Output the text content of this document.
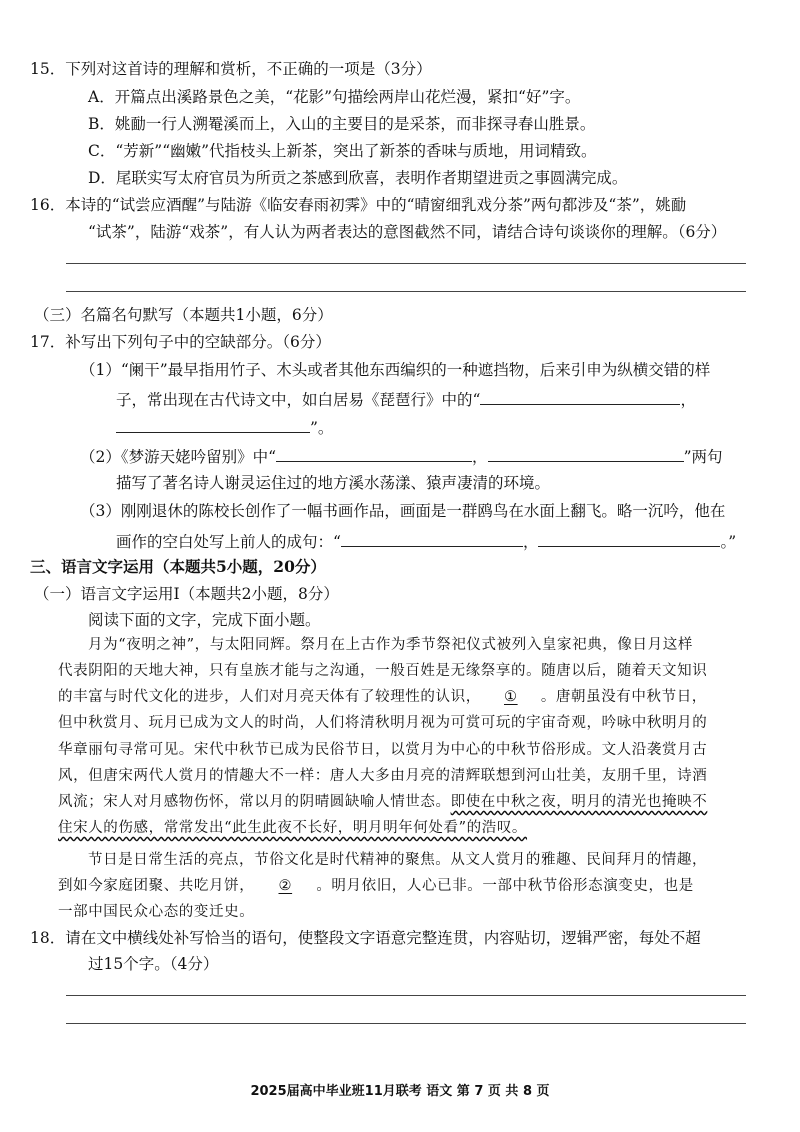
15．下列对这首诗的理解和赏析，不正确的一项是（3分）
A．开篇点出溪路景色之美，“花影”句描绘两岸山花烂漫，紧扣“好”字。
B．姚勔一行人溯罨溪而上，入山的主要目的是采茶，而非探寻春山胜景。
C．“芳新”“幽嫩”代指枝头上新茶，突出了新茶的香味与质地，用词精致。
D．尾联实写太府官员为所贡之茶感到欣喜，表明作者期望进贡之事圆满完成。
16．本诗的“试尝应酒醒”与陆游《临安春雨初霁》中的“晴窗细乳戏分茶”两句都涉及“茶”，姚勔
“试茶”，陆游“戏茶”，有人认为两者表达的意图截然不同，请结合诗句谈谈你的理解。（6分）
（三）名篇名句默写（本题共1小题，6分）
17．补写出下列句子中的空缺部分。（6分）
（1）“阑干”最早指用竹子、木头或者其他东西编织的一种遮挡物，后来引申为纵横交错的样
子，常出现在古代诗文中，如白居易《琵琶行》中的“	，
”。
（2）《梦游天姥吟留别》中“	，	”两句
描写了著名诗人谢灵运住过的地方溪水荡漾、猿声凄清的环境。
（3）刚刚退休的陈校长创作了一幅书画作品，画面是一群鸥鸟在水面上翻飞。略一沉吟，他在
画作的空白处写上前人的成句：“	，	。”
三、语言文字运用（本题共5小题，20分）
（一）语言文字运用Ⅰ（本题共2小题，8分）
阅读下面的文字，完成下面小题。
月为“夜明之神”，与太阳同辉。祭月在上古作为季节祭祀仪式被列入皇家祀典，像日月这样
代表阴阳的天地大神，只有皇族才能与之沟通，一般百姓是无缘祭享的。随唐以后，随着天文知识
的丰富与时代文化的进步，人们对月亮天体有了较理性的认识， ① 。唐朝虽没有中秋节日，
但中秋赏月、玩月已成为文人的时尚，人们将清秋明月视为可赏可玩的宇宙奇观，吟咏中秋明月的
华章丽句寻常可见。宋代中秋节已成为民俗节日，以赏月为中心的中秋节俗形成。文人沿袭赏月古
风，但唐宋两代人赏月的情趣大不一样：唐人大多由月亮的清辉联想到河山壮美，友朋千里，诗酒
风流；宋人对月感物伤怀，常以月的阴晴圆缺喻人情世态。即使在中秋之夜，明月的清光也掩映不
住宋人的伤感，常常发出“此生此夜不长好，明月明年何处看”的浩叹。
节日是日常生活的亮点，节俗文化是时代精神的聚焦。从文人赏月的雅趣、民间拜月的情趣，
到如今家庭团聚、共吃月饼， ② 。明月依旧，人心已非。一部中秋节俗形态演变史，也是
一部中国民众心态的变迁史。
18．请在文中横线处补写恰当的语句，使整段文字语意完整连贯，内容贴切，逻辑严密，每处不超
过15个字。（4分）
2025届高中毕业班11月联考 语文 第 7 页 共 8 页
